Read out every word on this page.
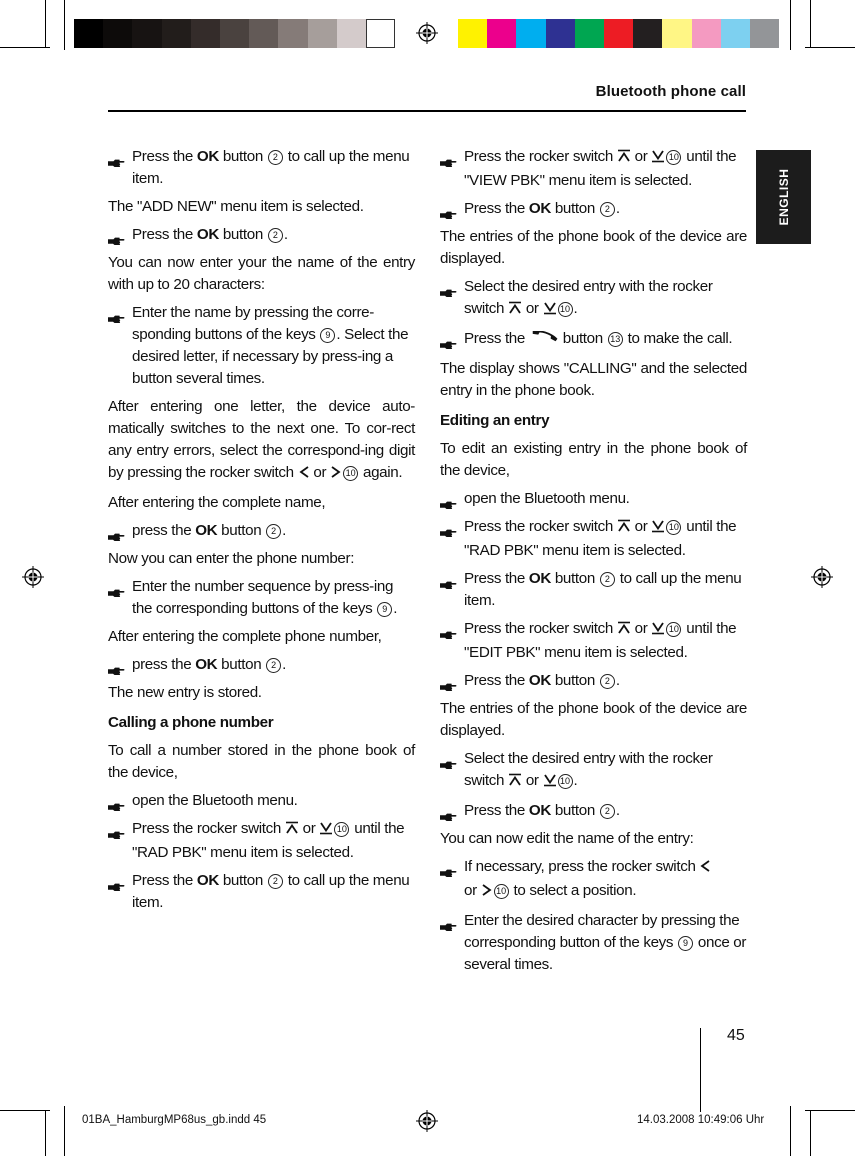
Bluetooth phone call
ENGLISH
Press the OK button 2 to call up the menu item.

The "ADD NEW" menu item is selected.

Press the OK button 2 .

You can now enter your the name of the entry with up to 20 characters:

Enter the name by pressing the corre-sponding buttons of the keys 9 . Select the desired letter, if necessary by press-ing a button several times.

After entering one letter, the device auto-matically switches to the next one. To cor-rect any entry errors, select the correspond-ing digit by pressing the rocker switch  or 10 again.

After entering the complete name,

press the OK button 2 .

Now you can enter the phone number:

Enter the number sequence by press-ing the corresponding buttons of the keys 9 .

After entering the complete phone number,

press the OK button 2 .

The new entry is stored.

Calling a phone number

To call a number stored in the phone book of the device,

open the Bluetooth menu.
Press the rocker switch  or 10 until the "RAD PBK" menu item is selected.
Press the OK button 2 to call up the menu item.
Press the rocker switch  or 10 until the "VIEW PBK" menu item is selected.
Press the OK button 2 .

The entries of the phone book of the device are displayed.

Select the desired entry with the rocker switch  or 10 .
Press the  button 13 to make the call.

The display shows "CALLING" and the selected entry in the phone book.

Editing an entry

To edit an existing entry in the phone book of the device,

open the Bluetooth menu.
Press the rocker switch  or 10 until the "RAD PBK" menu item is selected.
Press the OK button 2 to call up the menu item.
Press the rocker switch  or 10 until the "EDIT PBK" menu item is selected.
Press the OK button 2 .

The entries of the phone book of the device are displayed.

Select the desired entry with the rocker switch  or 10 .
Press the OK button 2 .

You can now edit the name of the entry:

If necessary, press the rocker switch
or 10 to select a position.
Enter the desired character by pressing the corresponding button of the keys 9 once or several times.
45
01BA_HamburgMP68us_gb.indd 45	14.03.2008 10:49:06 Uhr
